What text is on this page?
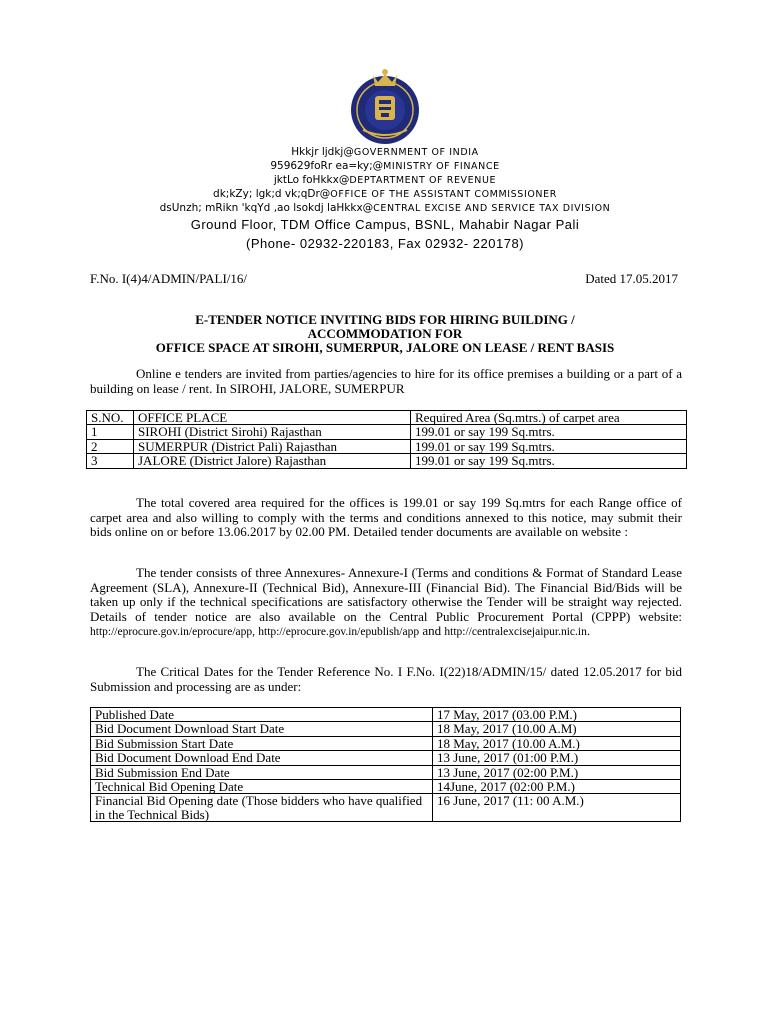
Hkkjr ljdkj@GOVERNMENT OF INDIA
959629foRr ea=ky;@MINISTRY OF FINANCE
jktLo foHkkx@DEPTARTMENT OF REVENUE
dk;kZy; lgk;d vk;qDr@OFFICE OF THE ASSISTANT COMMISSIONER
dsUnzh; mRikn 'kqYd ,ao lsokdj laHkkx@CENTRAL EXCISE AND SERVICE TAX DIVISION
Ground Floor, TDM Office Campus, BSNL, Mahabir Nagar Pali
(Phone- 02932-220183, Fax 02932- 220178)
F.No. I(4)4/ADMIN/PALI/16/	Dated 17.05.2017
E-TENDER NOTICE INVITING BIDS FOR HIRING BUILDING /
ACCOMMODATION FOR
OFFICE SPACE AT SIROHI, SUMERPUR, JALORE ON LEASE / RENT BASIS
Online e tenders are invited from parties/agencies to hire for its office premises a building or a part of a building on lease / rent. In SIROHI, JALORE, SUMERPUR
S.NO.	OFFICE PLACE	Required Area (Sq.mtrs.) of carpet area
1	SIROHI (District Sirohi) Rajasthan	199.01 or say 199 Sq.mtrs.
2	SUMERPUR (District Pali) Rajasthan	199.01 or say 199 Sq.mtrs.
3	JALORE (District Jalore) Rajasthan	199.01 or say 199 Sq.mtrs.
The total covered area required for the offices is 199.01 or say 199 Sq.mtrs for each Range office of carpet area and also willing to comply with the terms and conditions annexed to this notice, may submit their bids online on or before 13.06.2017 by 02.00 PM. Detailed tender documents are available on website :
The tender consists of three Annexures- Annexure-I (Terms and conditions & Format of Standard Lease Agreement (SLA), Annexure-II (Technical Bid), Annexure-III (Financial Bid). The Financial Bid/Bids will be taken up only if the technical specifications are satisfactory otherwise the Tender will be straight way rejected. Details of tender notice are also available on the Central Public Procurement Portal (CPPP) website: http://eprocure.gov.in/eprocure/app, http://eprocure.gov.in/epublish/app and http://centralexcisejaipur.nic.in.
The Critical Dates for the Tender Reference No. I F.No. I(22)18/ADMIN/15/ dated 12.05.2017 for bid Submission and processing are as under:
Published Date	17 May, 2017 (03.00 P.M.)
Bid Document Download Start Date	18 May, 2017 (10.00 A.M)
Bid Submission Start Date	18 May, 2017 (10.00 A.M.)
Bid Document Download End Date	13 June, 2017 (01:00 P.M.)
Bid Submission End Date	13 June, 2017 (02:00 P.M.)
Technical Bid Opening Date	14June, 2017 (02:00 P.M.)
Financial Bid Opening date (Those bidders who have qualified in the Technical Bids)	16 June, 2017 (11: 00 A.M.)
